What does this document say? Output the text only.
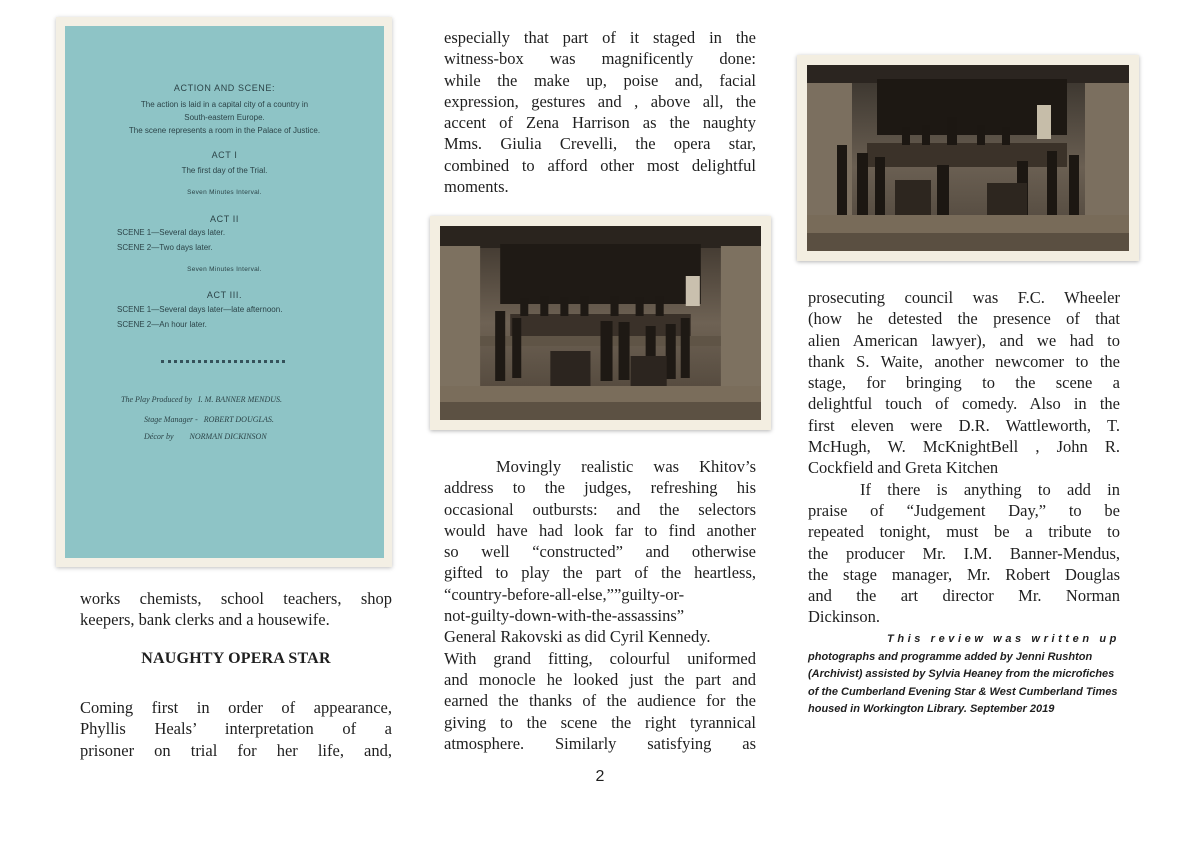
ACTION AND SCENE:
The action is laid in a capital city of a country in
South-eastern Europe.
The scene represents a room in the Palace of Justice.
ACT I
The first day of the Trial.
Seven Minutes Interval.
ACT II
SCENE 1—Several days later.
SCENE 2—Two days later.
Seven Minutes Interval.
ACT III.
SCENE 1—Several days later—late afternoon.
SCENE 2—An hour later.
The Play Produced by I. M. BANNER MENDUS.
Stage Manager - ROBERT DOUGLAS.
Décor by NORMAN DICKINSON

works chemists, school teachers, shop

keepers, bank clerks and a housewife.

NAUGHTY OPERA STAR

Coming first in order of appearance,

Phyllis Heals’ interpretation of a

prisoner on trial for her life, and,

especially that part of it staged in the

witness-box was magnificently done:

while the make up, poise and, facial

expression, gestures and , above all, the

accent of Zena Harrison as the naughty

Mms. Giulia Crevelli, the opera star,

combined to afford other most delightful

moments.

Movingly realistic was Khitov’s

address to the judges, refreshing his

occasional outbursts: and the selectors

would have had look far to find another

so well “constructed” and otherwise

gifted to play the part of the heartless,

“country-before-all-else,””guilty-or-

not-guilty-down-with-the-assassins”

General Rakovski as did Cyril Kennedy.

With grand fitting, colourful uniformed

and monocle he looked just the part and

earned the thanks of the audience for the

giving to the scene the right tyrannical

atmosphere. Similarly satisfying as

prosecuting council was F.C. Wheeler

(how he detested the presence of that

alien American lawyer), and we had to

thank S. Waite, another newcomer to the

stage, for bringing to the scene a

delightful touch of comedy. Also in the

first eleven were D.R. Wattleworth, T.

McHugh, W. McKnightBell , John R.

Cockfield and Greta Kitchen

If there is anything to add in

praise of “Judgement Day,” to be

repeated tonight, must be a tribute to

the producer Mr. I.M. Banner-Mendus,

the stage manager, Mr. Robert Douglas

and the art director Mr. Norman

Dickinson.

This review was written up
photographs and programme added by Jenni Rushton (Archivist) assisted by Sylvia Heaney from the microfiches of the Cumberland Evening Star & West Cumberland Times housed in Workington Library. September 2019
2
